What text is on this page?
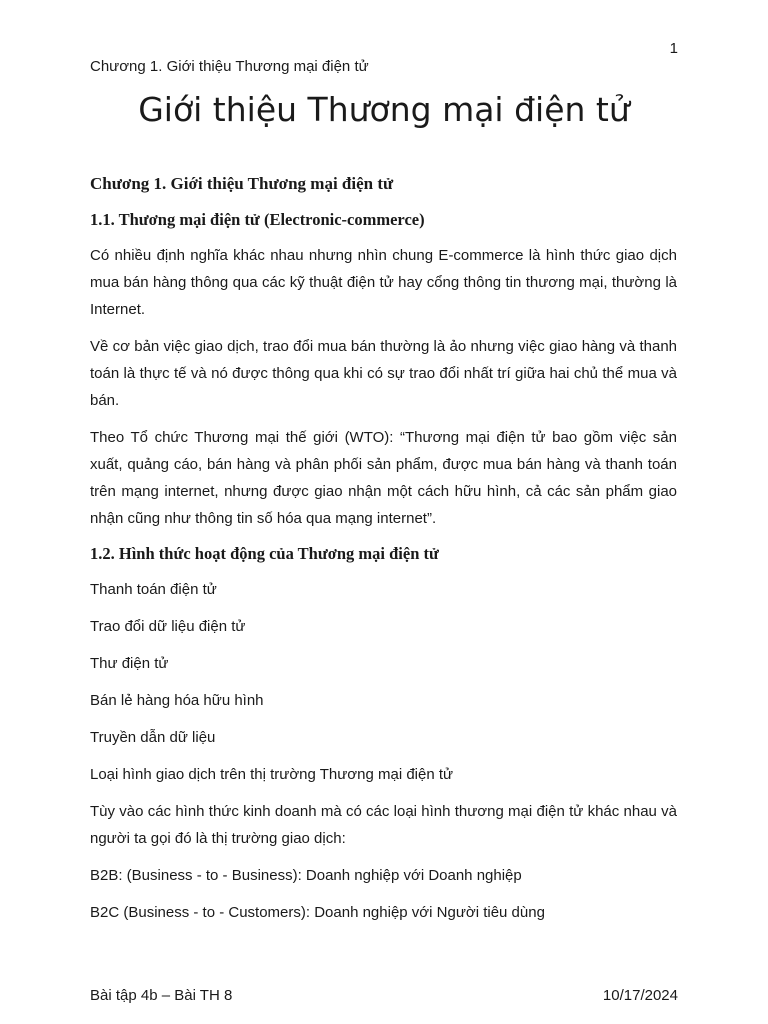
1
Chương 1. Giới thiệu Thương mại điện tử
Giới thiệu Thương mại điện tử
Chương 1. Giới thiệu Thương mại điện tử
1.1. Thương mại điện tử (Electronic-commerce)

Có nhiều định nghĩa khác nhau nhưng nhìn chung E-commerce là hình thức giao dịch mua bán hàng thông qua các kỹ thuật điện tử hay cổng thông tin thương mại, thường là Internet.

Về cơ bản việc giao dịch, trao đổi mua bán thường là ảo nhưng việc giao hàng và thanh toán là thực tế và nó được thông qua khi có sự trao đổi nhất trí giữa hai chủ thể mua và bán.

Theo Tổ chức Thương mại thế giới (WTO): “Thương mại điện tử bao gồm việc sản xuất, quảng cáo, bán hàng và phân phối sản phẩm, được mua bán hàng và thanh toán trên mạng internet, nhưng được giao nhận một cách hữu hình, cả các sản phẩm giao nhận cũng như thông tin số hóa qua mạng internet”.

1.2. Hình thức hoạt động của Thương mại điện tử

Thanh toán điện tử

Trao đổi dữ liệu điện tử

Thư điện tử

Bán lẻ hàng hóa hữu hình

Truyền dẫn dữ liệu

Loại hình giao dịch trên thị trường Thương mại điện tử

Tùy vào các hình thức kinh doanh mà có các loại hình thương mại điện tử khác nhau và người ta gọi đó là thị trường giao dịch:

B2B: (Business - to - Business): Doanh nghiệp với Doanh nghiệp

B2C (Business - to - Customers): Doanh nghiệp với Người tiêu dùng

Bài tập 4b – Bài TH 8	10/17/2024
